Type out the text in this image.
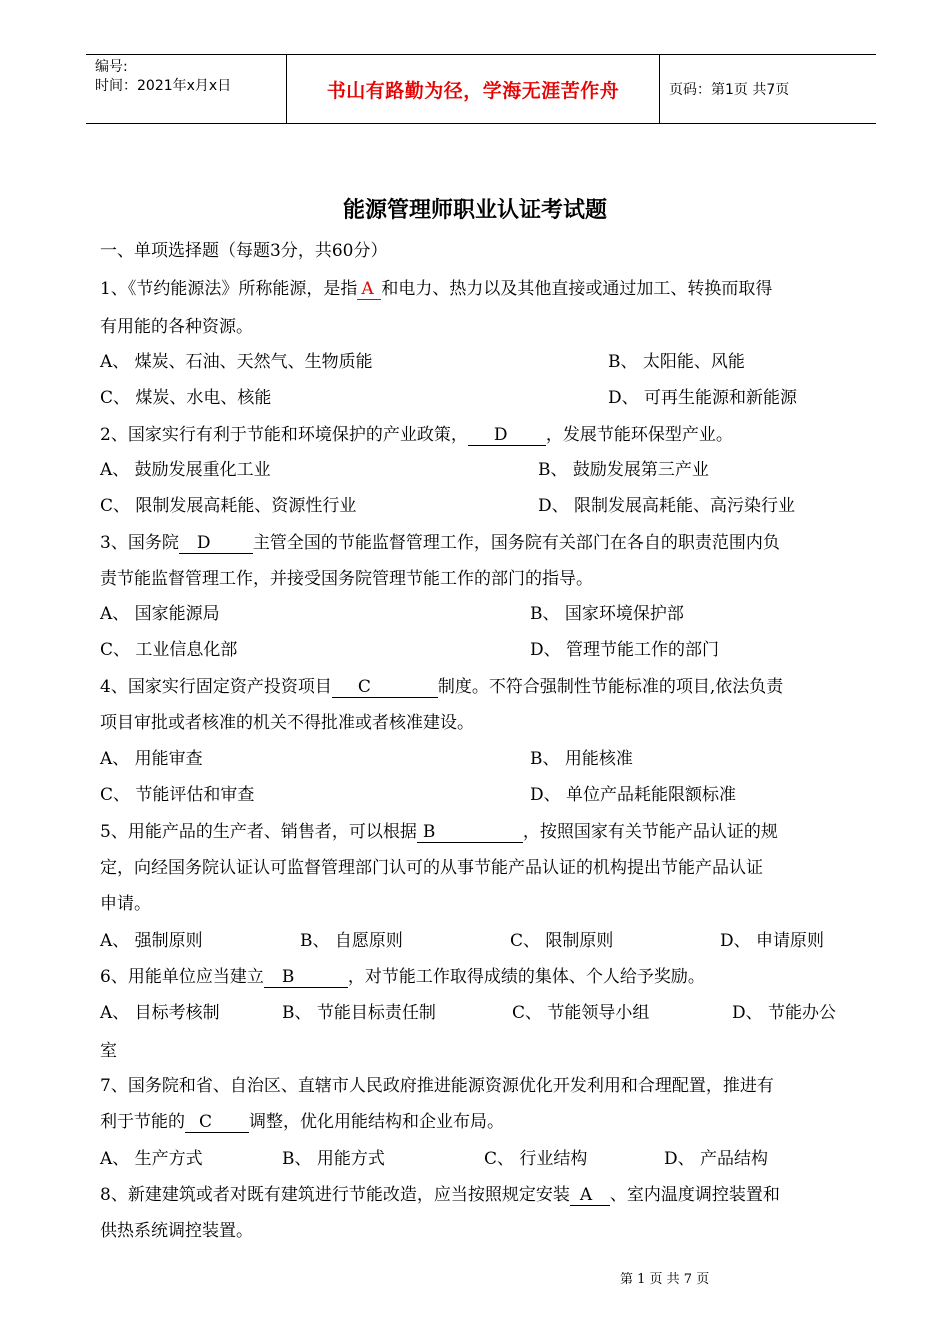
编号:
时间：2021年x月x日	书山有路勤为径，学海无涯苦作舟	页码：第1页 共7页
能源管理师职业认证考试题
一、单项选择题（每题3分，共60分）
1、《节约能源法》所称能源，是指 A 和电力、热力以及其他直接或通过加工、转换而取得
有用能的各种资源。
A、 煤炭、石油、天然气、生物质能	B、 太阳能、风能
C、 煤炭、水电、核能	D、 可再生能源和新能源
2、国家实行有利于节能和环境保护的产业政策， D ，发展节能环保型产业。
A、 鼓励发展重化工业	B、 鼓励发展第三产业
C、 限制发展高耗能、资源性行业	D、 限制发展高耗能、高污染行业
3、国务院 D 主管全国的节能监督管理工作，国务院有关部门在各自的职责范围内负
责节能监督管理工作，并接受国务院管理节能工作的部门的指导。
A、 国家能源局	B、 国家环境保护部
C、 工业信息化部	D、 管理节能工作的部门
4、国家实行固定资产投资项目 C	制度。不符合强制性节能标准的项目,依法负责
项目审批或者核准的机关不得批准或者核准建设。
A、 用能审查	B、 用能核准
C、 节能评估和审查	D、 单位产品耗能限额标准
5、用能产品的生产者、销售者，可以根据 B	，按照国家有关节能产品认证的规
定，向经国务院认证认可监督管理部门认可的从事节能产品认证的机构提出节能产品认证
申请。
A、 强制原则	B、 自愿原则	C、 限制原则	D、 申请原则
6、用能单位应当建立 B	，对节能工作取得成绩的集体、个人给予奖励。
A、 目标考核制	B、 节能目标责任制	C、 节能领导小组	D、 节能办公
室
7、国务院和省、自治区、直辖市人民政府推进能源资源优化开发利用和合理配置，推进有
利于节能的 C 调整，优化用能结构和企业布局。
A、 生产方式	B、 用能方式	C、 行业结构	D、 产品结构
8、新建建筑或者对既有建筑进行节能改造，应当按照规定安装 A 、室内温度调控装置和
供热系统调控装置。
第 1 页 共 7 页
